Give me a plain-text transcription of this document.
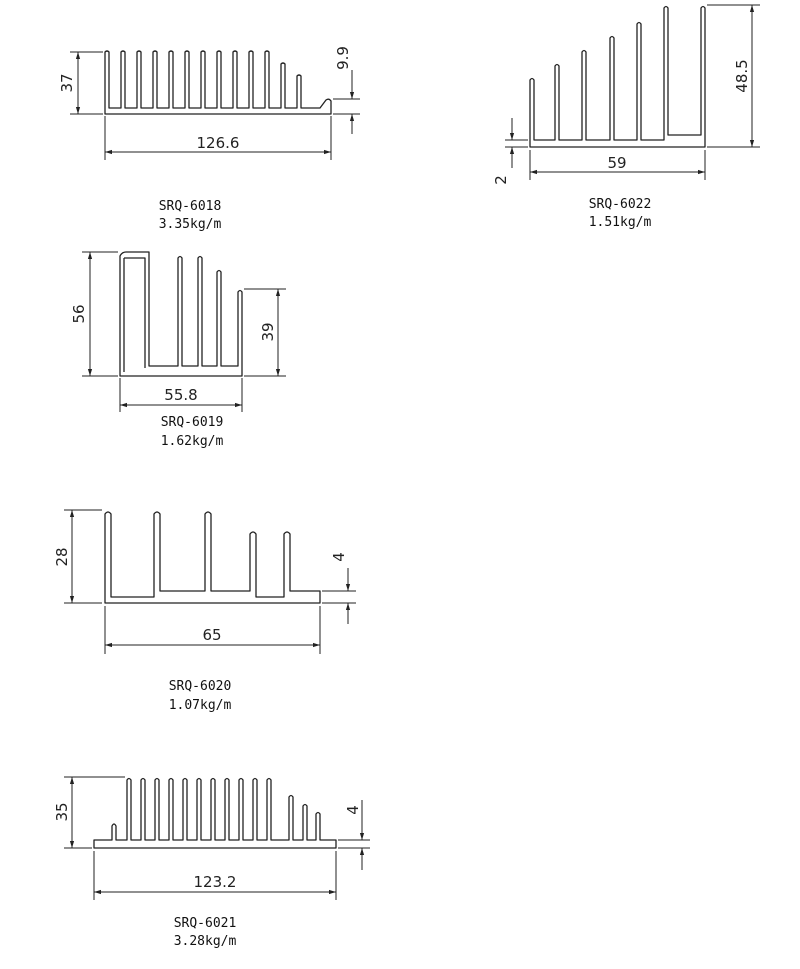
37
9.9
126.6
SRQ-6018
3.35kg/m
48.5
59
2
SRQ-6022
1.51kg/m
56
39
55.8
SRQ-6019
1.62kg/m
28	4
65
SRQ-6020
1.07kg/m
35	4
123.2
SRQ-6021
3.28kg/m
